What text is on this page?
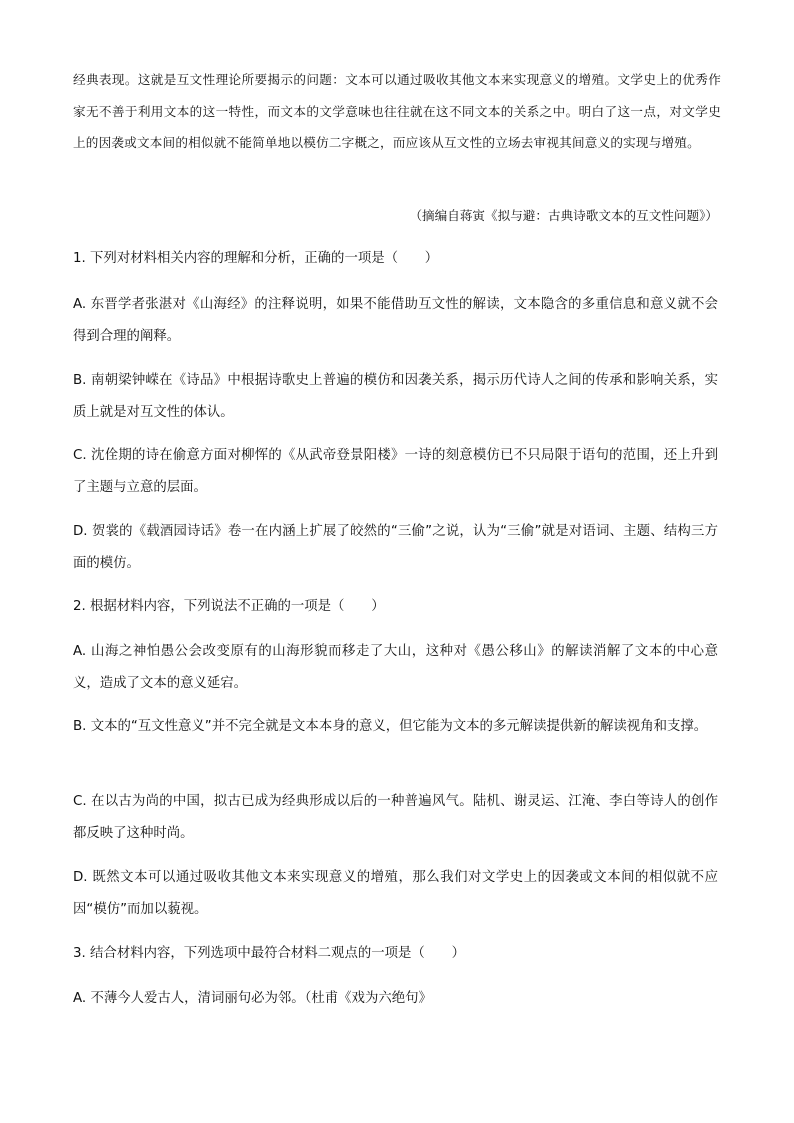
经典表现。这就是互文性理论所要揭示的问题：文本可以通过吸收其他文本来实现意义的增殖。文学史上的优秀作家无不善于利用文本的这一特性，而文本的文学意味也往往就在这不同文本的关系之中。明白了这一点，对文学史上的因袭或文本间的相似就不能简单地以模仿二字概之，而应该从互文性的立场去审视其间意义的实现与增殖。

（摘编自蒋寅《拟与避：古典诗歌文本的互文性问题》）

1. 下列对材料相关内容的理解和分析，正确的一项是（　　）

A. 东晋学者张湛对《山海经》的注释说明，如果不能借助互文性的解读，文本隐含的多重信息和意义就不会得到合理的阐释。

B. 南朝梁钟嵘在《诗品》中根据诗歌史上普遍的模仿和因袭关系，揭示历代诗人之间的传承和影响关系，实质上就是对互文性的体认。

C. 沈佺期的诗在偷意方面对柳恽的《从武帝登景阳楼》一诗的刻意模仿已不只局限于语句的范围，还上升到了主题与立意的层面。

D. 贺裳的《载酒园诗话》卷一在内涵上扩展了皎然的“三偷”之说，认为“三偷”就是对语词、主题、结构三方面的模仿。

2. 根据材料内容，下列说法不正确的一项是（　　）

A. 山海之神怕愚公会改变原有的山海形貌而移走了大山，这种对《愚公移山》的解读消解了文本的中心意义，造成了文本的意义延宕。

B. 文本的“互文性意义”并不完全就是文本本身的意义，但它能为文本的多元解读提供新的解读视角和支撑。

C. 在以古为尚的中国，拟古已成为经典形成以后的一种普遍风气。陆机、谢灵运、江淹、李白等诗人的创作都反映了这种时尚。

D. 既然文本可以通过吸收其他文本来实现意义的增殖，那么我们对文学史上的因袭或文本间的相似就不应因“模仿”而加以藐视。

3. 结合材料内容，下列选项中最符合材料二观点的一项是（　　）

A. 不薄今人爱古人，清词丽句必为邻。（杜甫《戏为六绝句》
